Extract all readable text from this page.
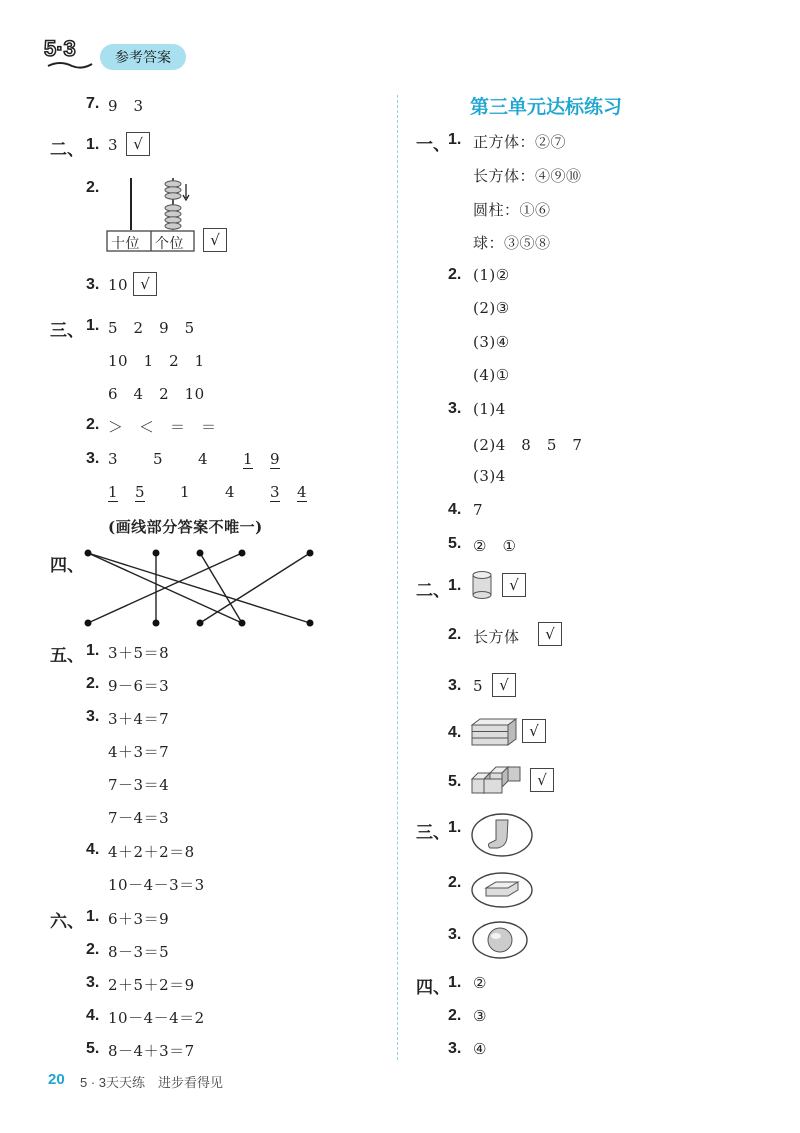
5·3	参考答案
7. 9　3
二、 1. 3	√
2.
十位 个位	√
3. 10 √
三、 1. 5　2　9　5
10　1　2　1
6　4　2　10
2. ＞　＜　＝　＝
3. 3 5 4 1 9
1 5 1 4 3 4
(画线部分答案不唯一)
四、
五、 1. 3＋5＝8
2. 9－6＝3
3. 3＋4＝7
4＋3＝7
7－3＝4
7－4＝3
4. 4＋2＋2＝8
10－4－3＝3
六、 1. 6＋3＝9
2. 8－3＝5
3. 2＋5＋2＝9
4. 10－4－4＝2
5. 8－4＋3＝7
第三单元达标练习
一、
1. 正方体：②⑦
长方体：④⑨⑩
圆柱：①⑥
球：③⑤⑧
2. (1)②
(2)③
(3)④
(4)①
3. (1)4
(2)4　8　5　7
(3)4
4. 7
5. ②　①
二、
1.	√
2. 长方体	√
3. 5	√
4.	√
5.	√
三、
1.
2.
3.
四、
1. ②
2. ③
3. ④
20 5 · 3天天练　进步看得见
